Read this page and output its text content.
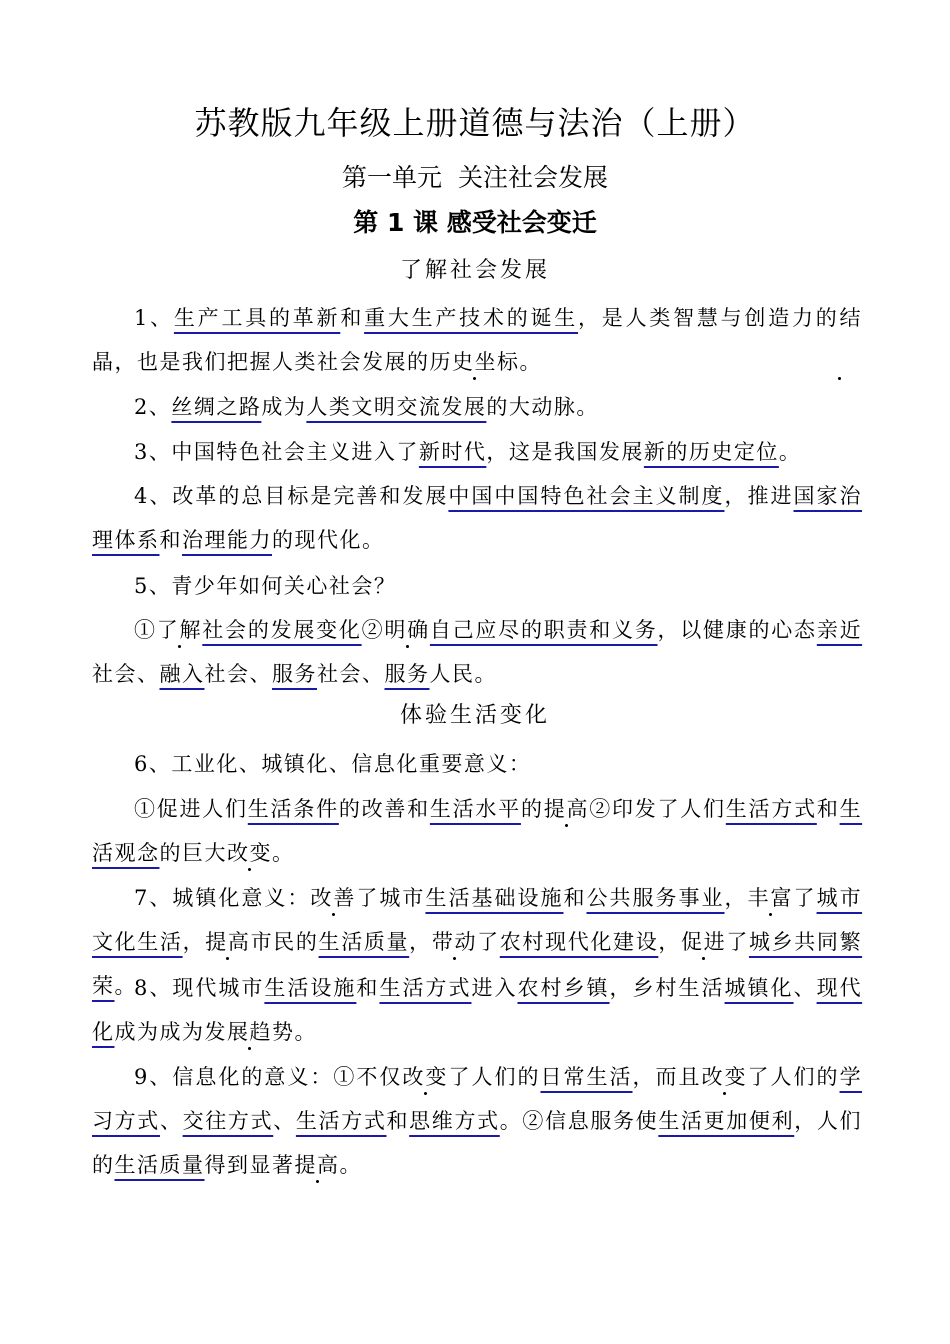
苏教版九年级上册道德与法治（上册）
第一单元 关注社会发展
第 1 课 感受社会变迁
了解社会发展
1、生产工具的革新和重大生产技术的诞生，是人类智慧与创造力的结晶，也是我们把握人类社会发展的历史坐标。
2、丝绸之路成为人类文明交流发展的大动脉。
3、中国特色社会主义进入了新时代，这是我国发展新的历史定位。
4、改革的总目标是完善和发展中国中国特色社会主义制度，推进国家治理体系和治理能力的现代化。
5、青少年如何关心社会？
①了解社会的发展变化②明确自己应尽的职责和义务，以健康的心态亲近社会、融入社会、服务社会、服务人民。
体验生活变化
6、工业化、城镇化、信息化重要意义：
①促进人们生活条件的改善和生活水平的提高②印发了人们生活方式和生活观念的巨大改变。
7、城镇化意义：改善了城市生活基础设施和公共服务事业，丰富了城市文化生活，提高市民的生活质量，带动了农村现代化建设，促进了城乡共同繁荣。
8、现代城市生活设施和生活方式进入农村乡镇，乡村生活城镇化、现代化成为成为发展趋势。
9、信息化的意义：①不仅改变了人们的日常生活，而且改变了人们的学习方式、交往方式、生活方式和思维方式。②信息服务使生活更加便利，人们的生活质量得到显著提高。
